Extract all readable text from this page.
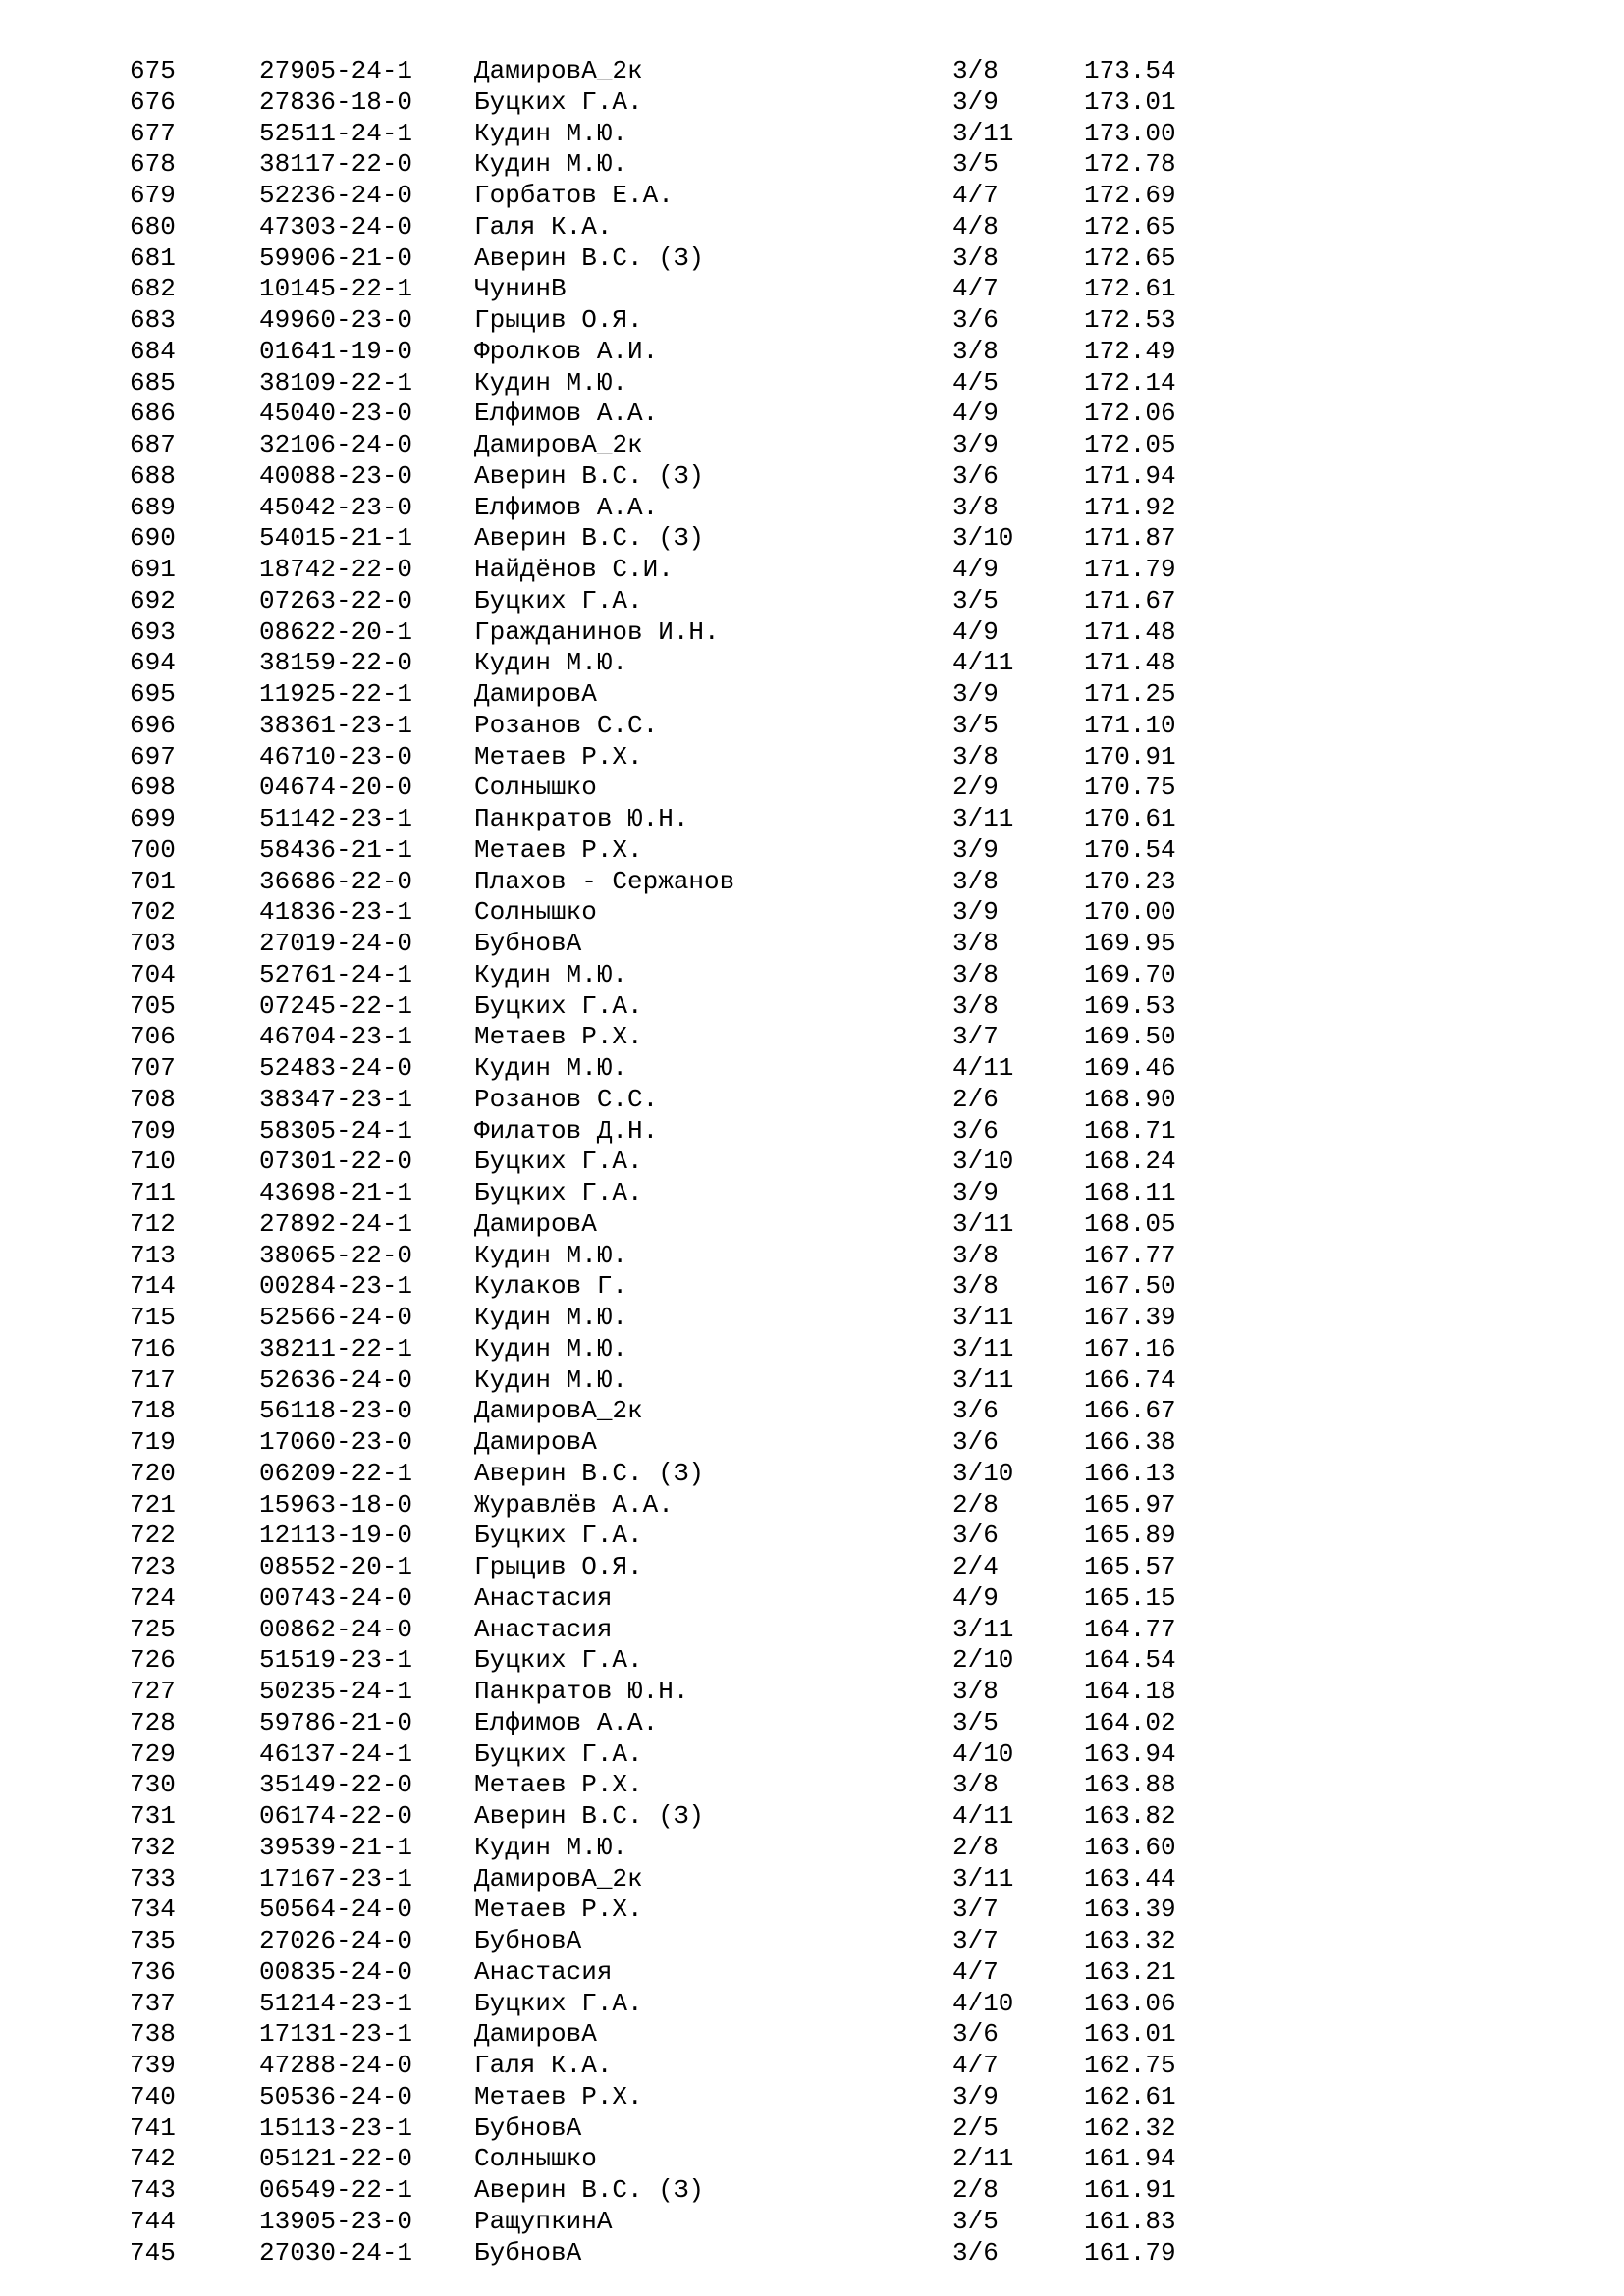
675	27905-24-1 ДамировА_2к	3/8	173.54
676	27836-18-0 Буцких Г.А.	3/9	173.01
677	52511-24-1 Кудин М.Ю.	3/11	173.00
678	38117-22-0 Кудин М.Ю.	3/5	172.78
679	52236-24-0 Горбатов Е.А.	4/7	172.69
680	47303-24-0 Галя К.А.	4/8	172.65
681	59906-21-0 Аверин В.С. (З)	3/8	172.65
682	10145-22-1 ЧунинВ	4/7	172.61
683	49960-23-0 Грыцив О.Я.	3/6	172.53
684	01641-19-0 Фролков А.И.	3/8	172.49
685	38109-22-1 Кудин М.Ю.	4/5	172.14
686	45040-23-0 Елфимов А.А.	4/9	172.06
687	32106-24-0 ДамировА_2к	3/9	172.05
688	40088-23-0 Аверин В.С. (З)	3/6	171.94
689	45042-23-0 Елфимов А.А.	3/8	171.92
690	54015-21-1 Аверин В.С. (З)	3/10	171.87
691	18742-22-0 Найдёнов С.И.	4/9	171.79
692	07263-22-0 Буцких Г.А.	3/5	171.67
693	08622-20-1 Гражданинов И.Н.	4/9	171.48
694	38159-22-0 Кудин М.Ю.	4/11	171.48
695	11925-22-1 ДамировА	3/9	171.25
696	38361-23-1 Розанов С.С.	3/5	171.10
697	46710-23-0 Метаев Р.Х.	3/8	170.91
698	04674-20-0 Солнышко	2/9	170.75
699	51142-23-1 Панкратов Ю.Н.	3/11	170.61
700	58436-21-1 Метаев Р.Х.	3/9	170.54
701	36686-22-0 Плахов - Сержанов	3/8	170.23
702	41836-23-1 Солнышко	3/9	170.00
703	27019-24-0 БубновА	3/8	169.95
704	52761-24-1 Кудин М.Ю.	3/8	169.70
705	07245-22-1 Буцких Г.А.	3/8	169.53
706	46704-23-1 Метаев Р.Х.	3/7	169.50
707	52483-24-0 Кудин М.Ю.	4/11	169.46
708	38347-23-1 Розанов С.С.	2/6	168.90
709	58305-24-1 Филатов Д.Н.	3/6	168.71
710	07301-22-0 Буцких Г.А.	3/10	168.24
711	43698-21-1 Буцких Г.А.	3/9	168.11
712	27892-24-1 ДамировА	3/11	168.05
713	38065-22-0 Кудин М.Ю.	3/8	167.77
714	00284-23-1 Кулаков Г.	3/8	167.50
715	52566-24-0 Кудин М.Ю.	3/11	167.39
716	38211-22-1 Кудин М.Ю.	3/11	167.16
717	52636-24-0 Кудин М.Ю.	3/11	166.74
718	56118-23-0 ДамировА_2к	3/6	166.67
719	17060-23-0 ДамировА	3/6	166.38
720	06209-22-1 Аверин В.С. (З)	3/10	166.13
721	15963-18-0 Журавлёв А.А.	2/8	165.97
722	12113-19-0 Буцких Г.А.	3/6	165.89
723	08552-20-1 Грыцив О.Я.	2/4	165.57
724	00743-24-0 Анастасия	4/9	165.15
725	00862-24-0 Анастасия	3/11	164.77
726	51519-23-1 Буцких Г.А.	2/10	164.54
727	50235-24-1 Панкратов Ю.Н.	3/8	164.18
728	59786-21-0 Елфимов А.А.	3/5	164.02
729	46137-24-1 Буцких Г.А.	4/10	163.94
730	35149-22-0 Метаев Р.Х.	3/8	163.88
731	06174-22-0 Аверин В.С. (З)	4/11	163.82
732	39539-21-1 Кудин М.Ю.	2/8	163.60
733	17167-23-1 ДамировА_2к	3/11	163.44
734	50564-24-0 Метаев Р.Х.	3/7	163.39
735	27026-24-0 БубновА	3/7	163.32
736	00835-24-0 Анастасия	4/7	163.21
737	51214-23-1 Буцких Г.А.	4/10	163.06
738	17131-23-1 ДамировА	3/6	163.01
739	47288-24-0 Галя К.А.	4/7	162.75
740	50536-24-0 Метаев Р.Х.	3/9	162.61
741	15113-23-1 БубновА	2/5	162.32
742	05121-22-0 Солнышко	2/11	161.94
743	06549-22-1 Аверин В.С. (З)	2/8	161.91
744	13905-23-0 РащупкинА	3/5	161.83
745	27030-24-1 БубновА	3/6	161.79
